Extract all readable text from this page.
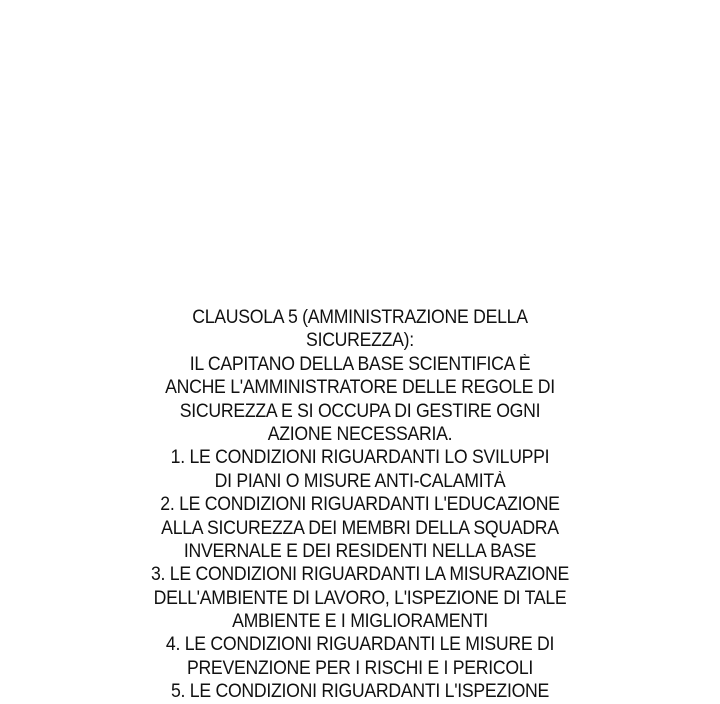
CLAUSOLA 5 (AMMINISTRAZIONE DELLA
SICUREZZA):
IL CAPITANO DELLA BASE SCIENTIFICA È
ANCHE L'AMMINISTRATORE DELLE REGOLE DI
SICUREZZA E SI OCCUPA DI GESTIRE OGNI
AZIONE NECESSARIA.
1. LE CONDIZIONI RIGUARDANTI LO SVILUPPI
DI PIANI O MISURE ANTI-CALAMITÀ
2. LE CONDIZIONI RIGUARDANTI L'EDUCAZIONE
ALLA SICUREZZA DEI MEMBRI DELLA SQUADRA
INVERNALE E DEI RESIDENTI NELLA BASE
3. LE CONDIZIONI RIGUARDANTI LA MISURAZIONE
DELL'AMBIENTE DI LAVORO, L'ISPEZIONE DI TALE
AMBIENTE E I MIGLIORAMENTI
4. LE CONDIZIONI RIGUARDANTI LE MISURE DI
PREVENZIONE PER I RISCHI E I PERICOLI
5. LE CONDIZIONI RIGUARDANTI L'ISPEZIONE
